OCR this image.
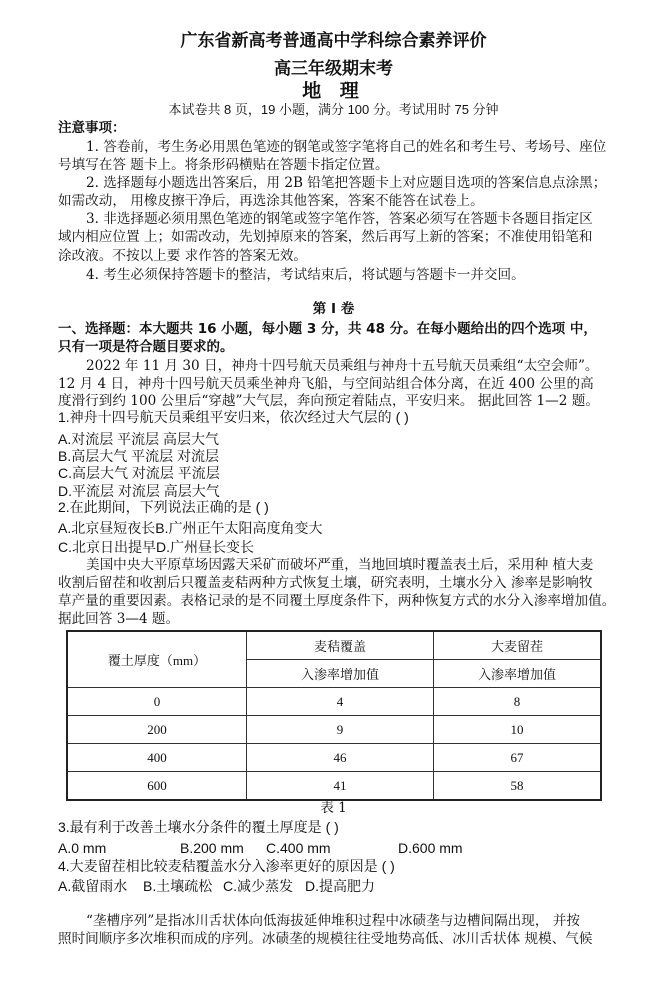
广东省新高考普通高中学科综合素养评价
高三年级期末考
地 理
本试卷共 8 页，19 小题，满分 100 分。考试用时 75 分钟
注意事项：
1. 答卷前，考生务必用黑色笔迹的钢笔或签字笔将自己的姓名和考生号、考场号、座位
号填写在答 题卡上。将条形码横贴在答题卡指定位置。
2. 选择题每小题选出答案后，用 2B 铅笔把答题卡上对应题目选项的答案信息点涂黑；
如需改动， 用橡皮擦干净后，再选涂其他答案，答案不能答在试卷上。
3. 非选择题必须用黑色笔迹的钢笔或签字笔作答，答案必须写在答题卡各题目指定区
域内相应位置 上；如需改动，先划掉原来的答案，然后再写上新的答案；不准使用铅笔和
涂改液。不按以上要 求作答的答案无效。
4. 考生必须保持答题卡的整洁，考试结束后，将试题与答题卡一并交回。
第 Ⅰ 卷
一、选择题：本大题共 16 小题，每小题 3 分，共 48 分。在每小题给出的四个选项 中，
只有一项是符合题目要求的。
2022 年 11 月 30 日，神舟十四号航天员乘组与神舟十五号航天员乘组“太空会师”。
12 月 4 日，神舟十四号航天员乘坐神舟飞船，与空间站组合体分离，在近 400 公里的高
度滑行到约 100 公里后“穿越”大气层，奔向预定着陆点，平安归来。 据此回答 1—2 题。
1.神舟十四号航天员乘组平安归来，依次经过大气层的 ( )
A.对流层 平流层 高层大气
B.高层大气 平流层 对流层
C.高层大气 对流层 平流层
D.平流层 对流层 高层大气
2.在此期间，下列说法正确的是 ( )
A.北京昼短夜长B.广州正午太阳高度角变大
C.北京日出提早D.广州昼长变长
美国中央大平原草场因露天采矿而破坏严重，当地回填时覆盖表土后，采用种 植大麦
收割后留茬和收割后只覆盖麦秸两种方式恢复土壤，研究表明，土壤水分入 渗率是影响牧
草产量的重要因素。表格记录的是不同覆土厚度条件下，两种恢复方式的水分入渗率增加值。
据此回答 3—4 题。
表 1
3.最有利于改善土壤水分条件的覆土厚度是 ( )
4.大麦留茬相比较麦秸覆盖水分入渗率更好的原因是 ( )
“垄槽序列”是指冰川舌状体向低海拔延伸堆积过程中冰碛垄与边槽间隔出现， 并按
照时间顺序多次堆积而成的序列。冰碛垄的规模往往受地势高低、冰川舌状体 规模、气候
A.0 mm	B.200 mm C.400 mm	D.600 mm
A.截留雨水 B.土壤疏松 C.减少蒸发 D.提高肥力
覆土厚度（mm）	麦秸覆盖	大麦留茬
	入渗率增加值	入渗率增加值
0	4	8
200	9	10
400	46	67
600	41	58
